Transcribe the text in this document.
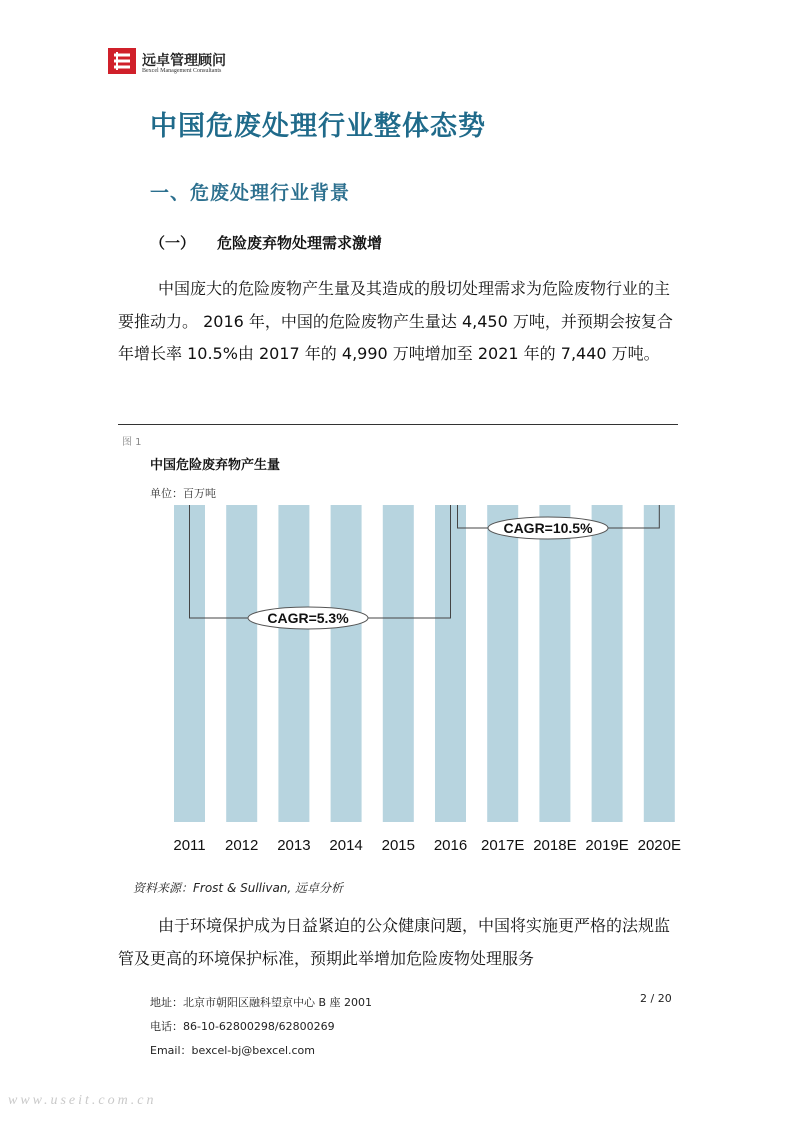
远卓管理顾问
Bexcel Management Consultants
中国危废处理行业整体态势
一、危废处理行业背景
（一） 危险废弃物处理需求激增
中国庞大的危险废物产生量及其造成的殷切处理需求为危险废物行业的主要推动力。 2016 年，中国的危险废物产生量达 4,450 万吨，并预期会按复合年增长率 10.5%由 2017 年的 4,990 万吨增加至 2021 年的 7,440 万吨。
图 1
中国危险废弃物产生量
单位：百万吨
2011 2012 2013 2014 2015 2016 2017E 2018E 2019E 2020E
CAGR=5.3%
CAGR=10.5%
资料来源：Frost & Sullivan, 远卓分析
由于环境保护成为日益紧迫的公众健康问题，中国将实施更严格的法规监管及更高的环境保护标准，预期此举增加危险废物处理服务
地址：北京市朝阳区融科望京中心 B 座 2001
电话：86-10-62800298/62800269
Email：bexcel-bj@bexcel.com
2 / 20
www.useit.com.cn
